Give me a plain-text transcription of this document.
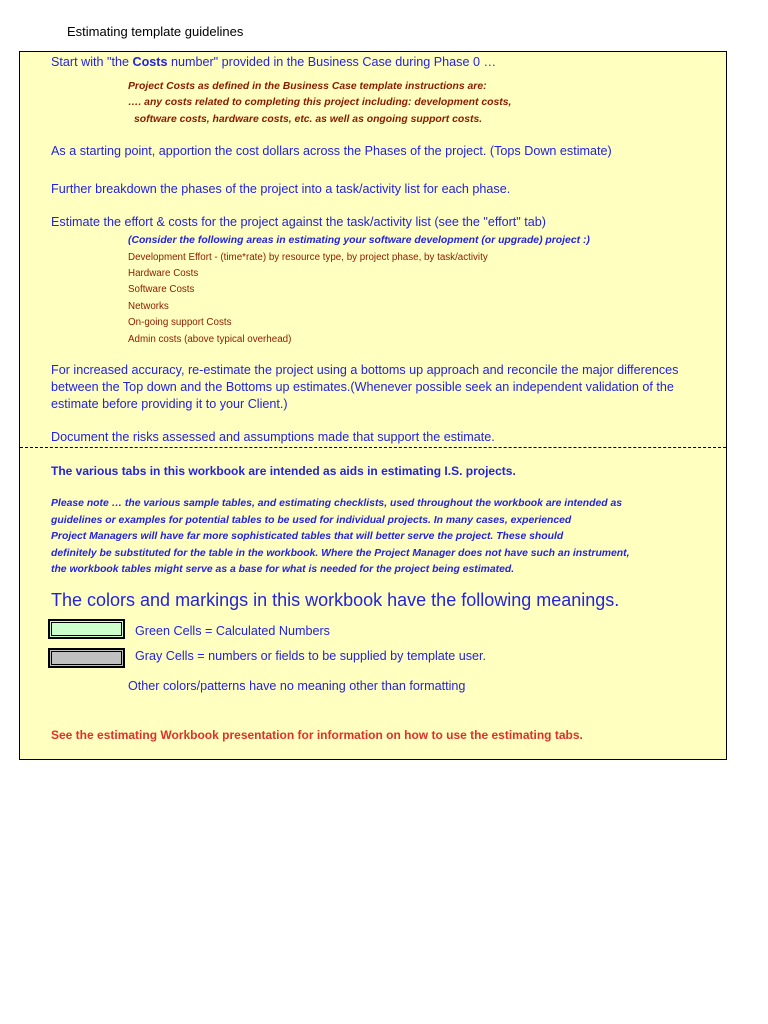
Estimating template guidelines
Start with "the Costs number" provided in the Business Case during Phase 0 …
Project Costs as defined in the Business Case template instructions are:
…. any costs related to completing this project including: development costs,
software costs, hardware costs, etc. as well as ongoing support costs.
As a starting point, apportion the cost dollars across the Phases of the project. (Tops Down estimate)
Further breakdown the phases of the project into a task/activity list for each phase.
Estimate the effort & costs for the project against the task/activity list (see the "effort" tab)
(Consider the following areas in estimating your software development (or upgrade) project :)
Development Effort - (time*rate) by resource type, by project phase, by task/activity
Hardware Costs
Software Costs
Networks
On-going support Costs
Admin costs (above typical overhead)
For increased accuracy, re-estimate the project using a bottoms up approach and reconcile the major differences
between the Top down and the Bottoms up estimates.(Whenever possible seek an independent validation of the
estimate before providing it to your Client.)
Document the risks assessed and assumptions made that support the estimate.
The various tabs in this workbook are intended as aids in estimating I.S. projects.
Please note … the various sample tables, and estimating checklists, used throughout the workbook are intended as
guidelines or examples for potential tables to be used for individual projects. In many cases, experienced
Project Managers will have far more sophisticated tables that will better serve the project. These should
definitely be substituted for the table in the workbook. Where the Project Manager does not have such an instrument,
the workbook tables might serve as a base for what is needed for the project being estimated.
The colors and markings in this workbook have the following meanings.
Green Cells = Calculated Numbers
Gray Cells = numbers or fields to be supplied by template user.
Other colors/patterns have no meaning other than formatting
See the estimating Workbook presentation for information on how to use the estimating tabs.
